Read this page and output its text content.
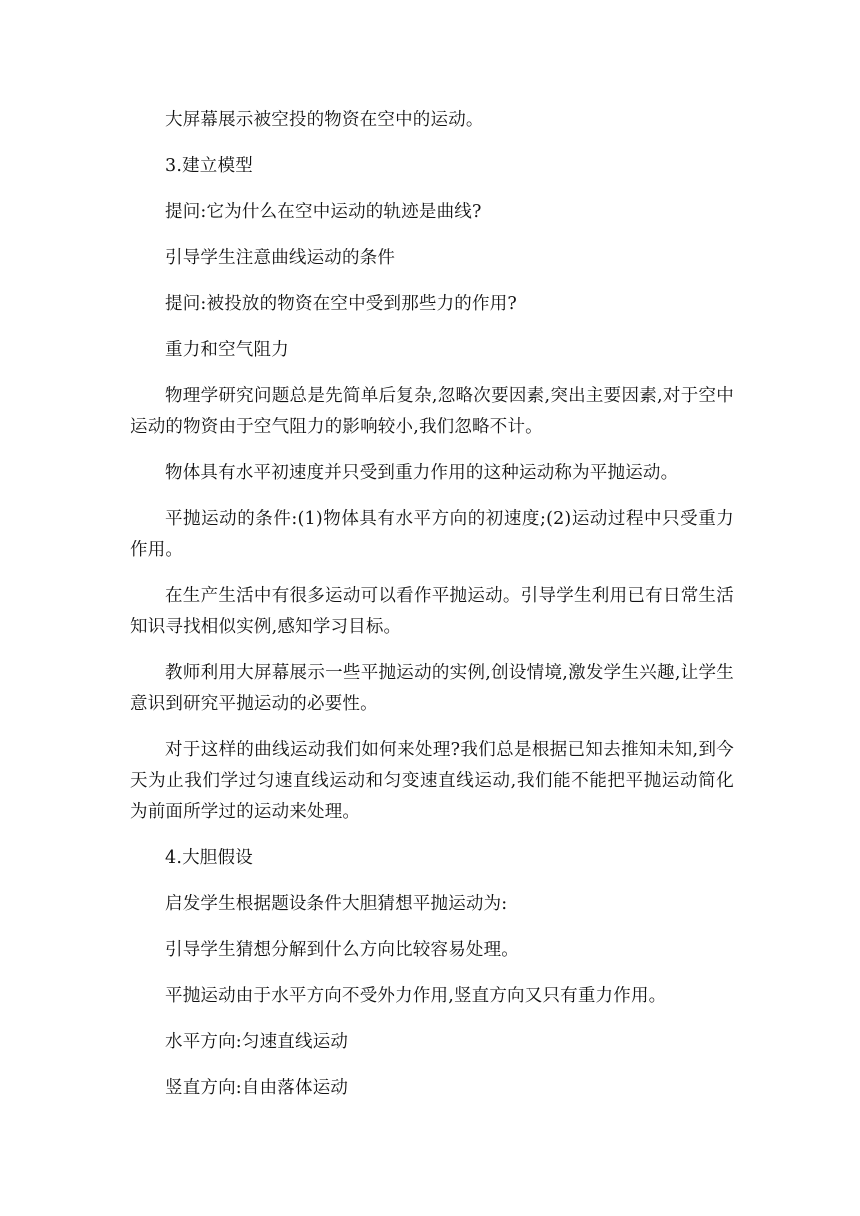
大屏幕展示被空投的物资在空中的运动。

3.建立模型

提问:它为什么在空中运动的轨迹是曲线?

引导学生注意曲线运动的条件

提问:被投放的物资在空中受到那些力的作用?

重力和空气阻力

物理学研究问题总是先简单后复杂,忽略次要因素,突出主要因素,对于空中运动的物资由于空气阻力的影响较小,我们忽略不计。

物体具有水平初速度并只受到重力作用的这种运动称为平抛运动。

平抛运动的条件:(1)物体具有水平方向的初速度;(2)运动过程中只受重力作用。

在生产生活中有很多运动可以看作平抛运动。引导学生利用已有日常生活知识寻找相似实例,感知学习目标。

教师利用大屏幕展示一些平抛运动的实例,创设情境,激发学生兴趣,让学生意识到研究平抛运动的必要性。

对于这样的曲线运动我们如何来处理?我们总是根据已知去推知未知,到今天为止我们学过匀速直线运动和匀变速直线运动,我们能不能把平抛运动简化为前面所学过的运动来处理。

4.大胆假设

启发学生根据题设条件大胆猜想平抛运动为:

引导学生猜想分解到什么方向比较容易处理。

平抛运动由于水平方向不受外力作用,竖直方向又只有重力作用。

水平方向:匀速直线运动

竖直方向:自由落体运动
